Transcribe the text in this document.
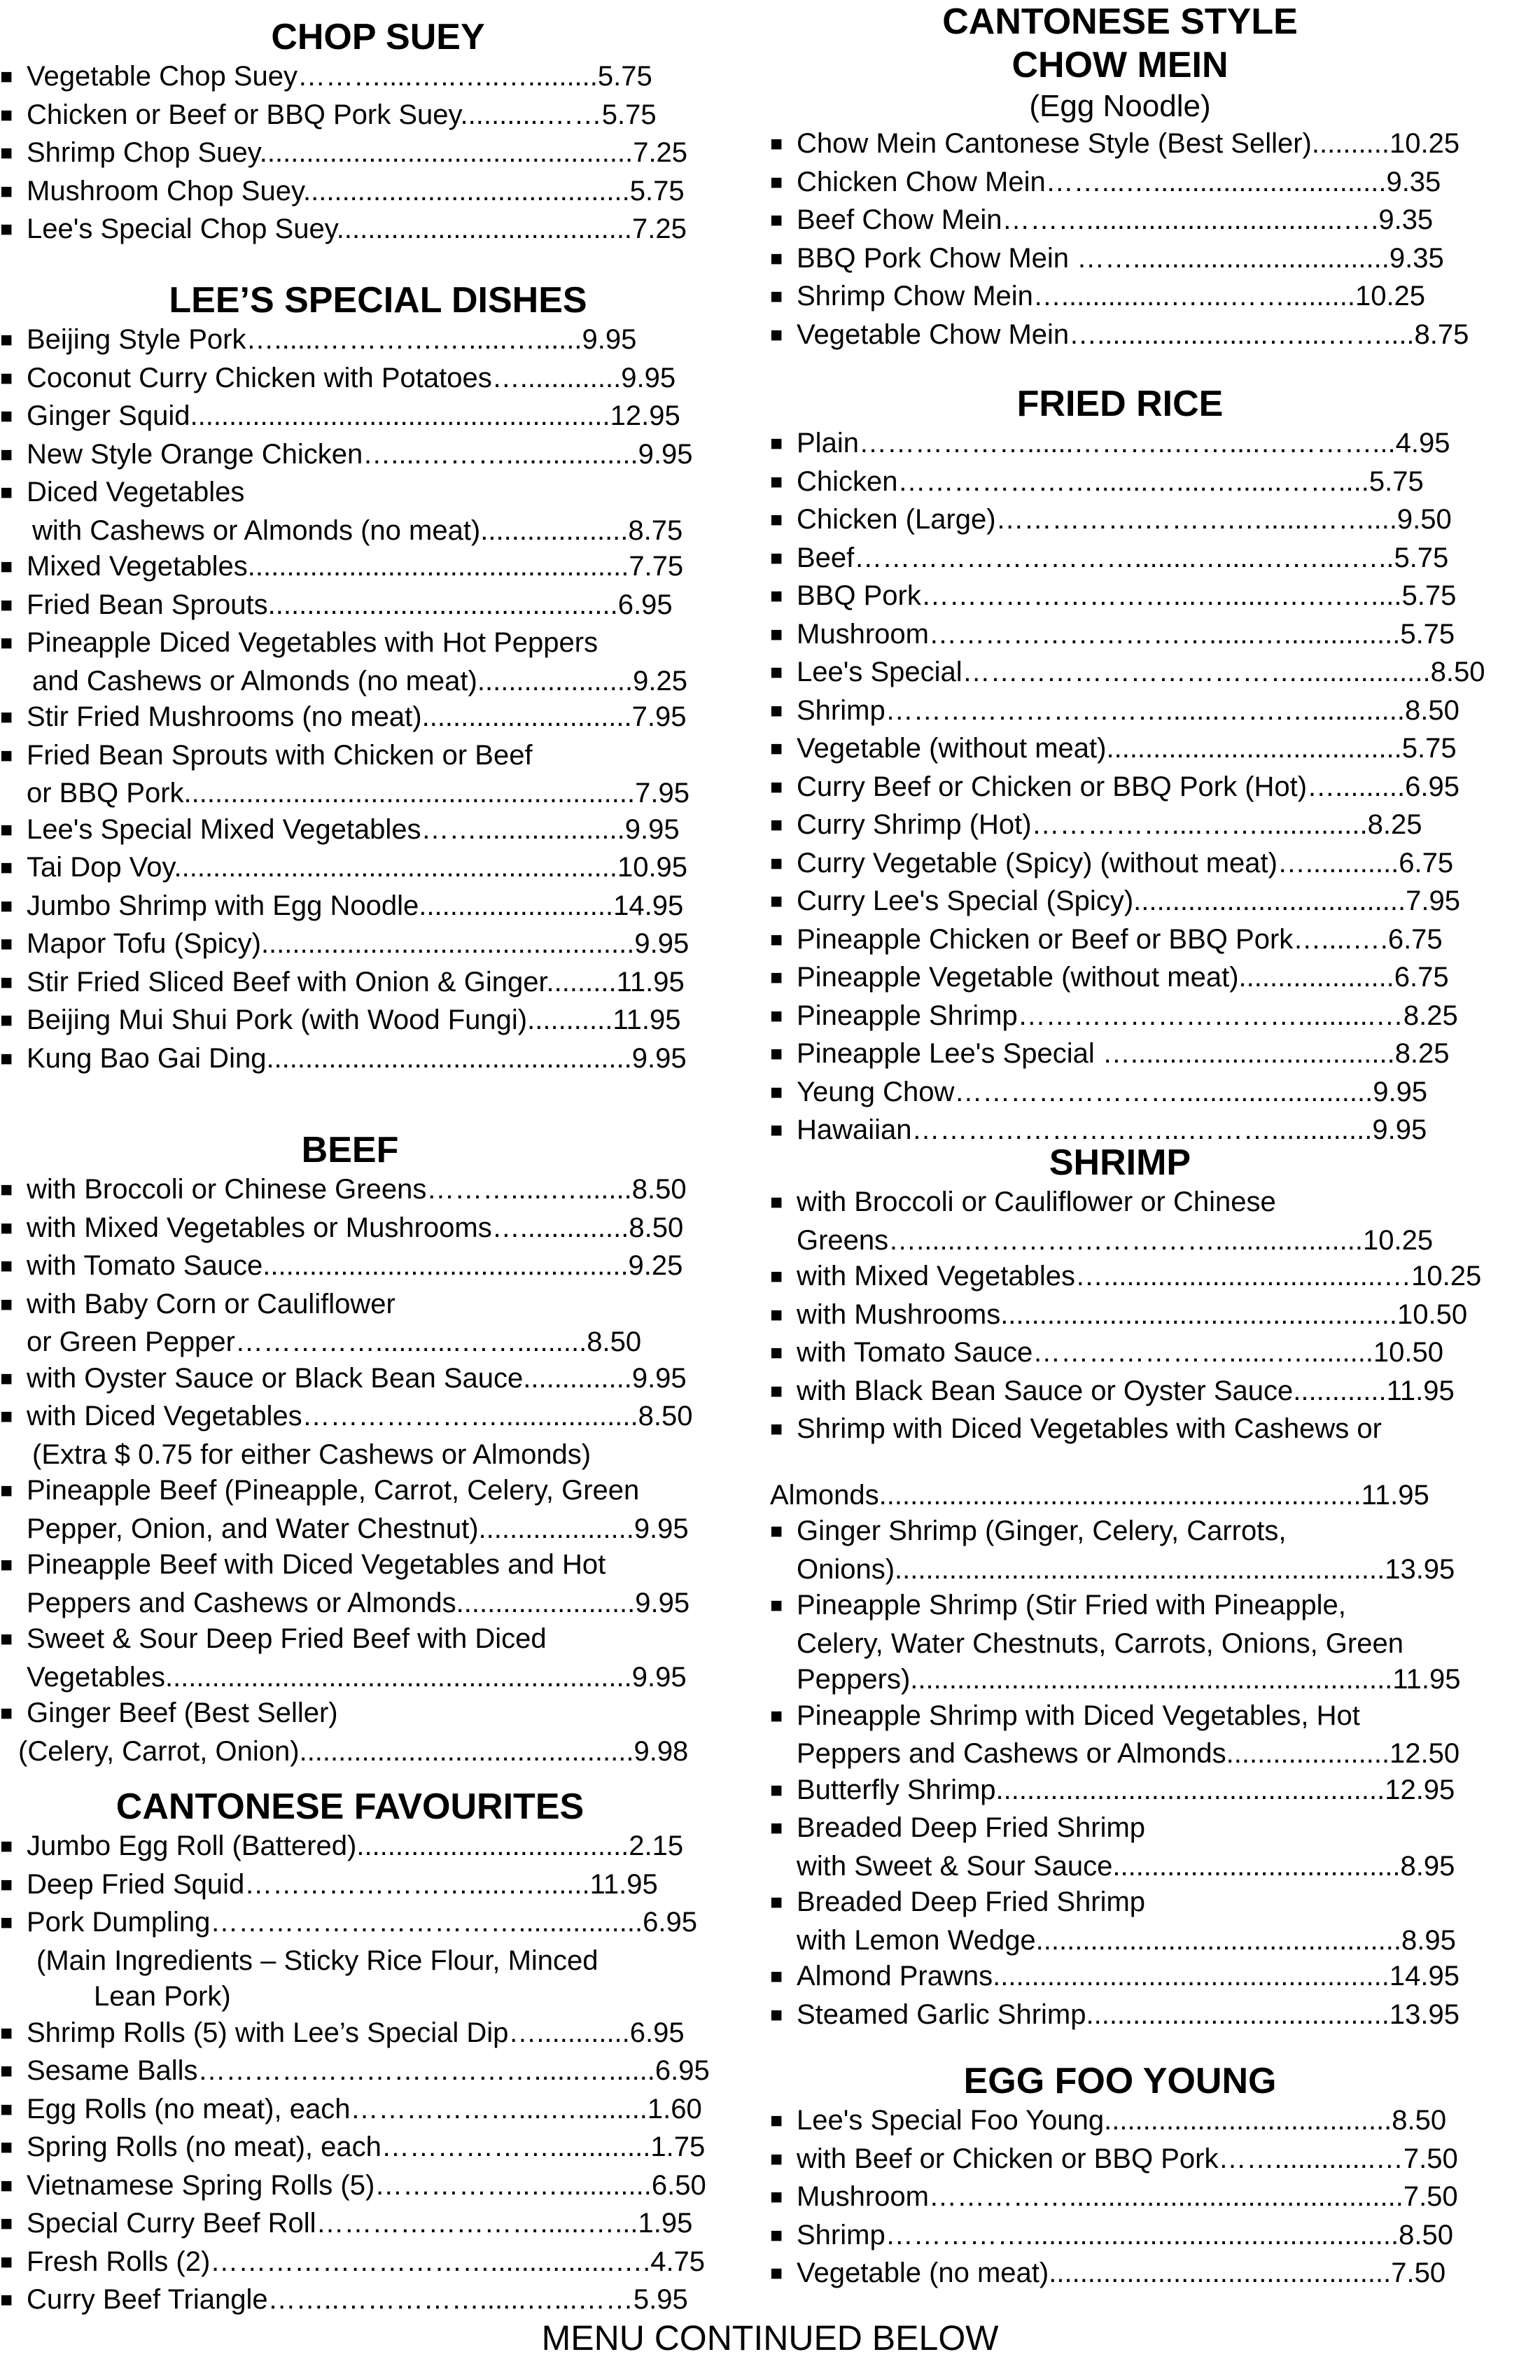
CHOP SUEY
■Vegetable Chop Suey………....…..…..….........5.75
■Chicken or Beef or BBQ Pork Suey...........……5.75
■Shrimp Chop Suey................................................7.25
■Mushroom Chop Suey..........................................5.75
■Lee's Special Chop Suey......................................7.25
LEE’S SPECIAL DISHES
■Beijing Style Pork…......………….….....…......9.95
■Coconut Curry Chicken with Potatoes….............9.95
■Ginger Squid......................................................12.95
■New Style Orange Chicken…....……….................9.95
■Diced Vegetables
with Cashews or Almonds (no meat)...................8.75
■Mixed Vegetables.................................................7.75
■Fried Bean Sprouts.............................................6.95
■Pineapple Diced Vegetables with Hot Peppers
and Cashews or Almonds (no meat)....................9.25
■Stir Fried Mushrooms (no meat)...........................7.95
■Fried Bean Sprouts with Chicken or Beef
or BBQ Pork..........................................................7.95
■Lee's Special Mixed Vegetables……...................9.95
■Tai Dop Voy.........................................................10.95
■Jumbo Shrimp with Egg Noodle.........................14.95
■Mapor Tofu (Spicy)................................................9.95
■Stir Fried Sliced Beef with Onion & Ginger.........11.95
■Beijing Mui Shui Pork (with Wood Fungi)...........11.95
■Kung Bao Gai Ding...............................................9.95
BEEF
■with Broccoli or Chinese Greens……….....….......8.50
■with Mixed Vegetables or Mushrooms…..............8.50
■with Tomato Sauce...............................................9.25
■with Baby Corn or Cauliflower
or Green Pepper……………...........…….........8.50
■with Oyster Sauce or Black Bean Sauce..............9.95
■with Diced Vegetables…………………..................8.50
(Extra $ 0.75 for either Cashews or Almonds)
■Pineapple Beef (Pineapple, Carrot, Celery, Green
Pepper, Onion, and Water Chestnut)....................9.95
■Pineapple Beef with Diced Vegetables and Hot
Peppers and Cashews or Almonds.......................9.95
■Sweet & Sour Deep Fried Beef with Diced
Vegetables............................................................9.95
■Ginger Beef (Best Seller)
(Celery, Carrot, Onion)...........................................9.98
CANTONESE FAVOURITES
■Jumbo Egg Roll (Battered)...................................2.15
■Deep Fried Squid…………………….....….......11.95
■Pork Dumpling……………………………................6.95
(Main Ingredients – Sticky Rice Flour, Minced
Lean Pork)
■Shrimp Rolls (5) with Lee’s Special Dip…............6.95
■Sesame Balls………………………………......…......6.95
■Egg Rolls (no meat), each………………....….........1.60
■Spring Rolls (no meat), each……………….............1.75
■Vietnamese Spring Rolls (5)……………..…............6.50
■Special Curry Beef Roll……………………......…...1.95
■Fresh Rolls (2)…………………………................….4.75
■Curry Beef Triangle……..……………......…...……5.95
CANTONESE STYLE
CHOW MEIN
(Egg Noodle)
■Chow Mein Cantonese Style (Best Seller)..........10.25
■Chicken Chow Mein……...…..............................9.35
■Beef Chow Mein……….................................….9.35
■BBQ Pork Chow Mein …….................................9.35
■Shrimp Chow Mein…..............…....…….........10.25
■Vegetable Chow Mein…......................…....……....8.75
FRIED RICE
■Plain………………......………..……....…………...4.95
■Chicken………………….......…....…......……....5.75
■Chicken (Large)…………….……….…......……....9.50
■Beef…………………………........…....….…....…..5.75
■BBQ Pork………………………...…......….….…....5.75
■Mushroom…………………………......…...............5.75
■Lee's Special……………………………….................8.50
■Shrimp………………………….......…….…............8.50
■Vegetable (without meat)......................................5.75
■Curry Beef or Chicken or BBQ Pork (Hot)….........6.95
■Curry Shrimp (Hot)……………....……..............8.25
■Curry Vegetable (Spicy) (without meat)…............6.75
■Curry Lee's Special (Spicy)...................................7.95
■Pineapple Chicken or Beef or BBQ Pork…....….6.75
■Pineapple Vegetable (without meat)....................6.75
■Pineapple Shrimp…………………………..........…8.25
■Pineapple Lee's Special …..................................8.25
■Yeung Chow…………………….........................9.95
■Hawaiian………………………...……….............9.95
SHRIMP
■with Broccoli or Cauliflower or Chinese
Greens…......………………………...................10.25
■with Mixed Vegetables…....................................…10.25
■with Mushrooms...................................................10.50
■with Tomato Sauce…………………......….........10.50
■with Black Bean Sauce or Oyster Sauce............11.95
■Shrimp with Diced Vegetables with Cashews or
Almonds..............................................................11.95
■Ginger Shrimp (Ginger, Celery, Carrots,
Onions)...............................................................13.95
■Pineapple Shrimp (Stir Fried with Pineapple,
Celery, Water Chestnuts, Carrots, Onions, Green
Peppers)..............................................................11.95
■Pineapple Shrimp with Diced Vegetables, Hot
Peppers and Cashews or Almonds.....................12.50
■Butterfly Shrimp..................................................12.95
■Breaded Deep Fried Shrimp
with Sweet & Sour Sauce.....................................8.95
■Breaded Deep Fried Shrimp
with Lemon Wedge...............................................8.95
■Almond Prawns...................................................14.95
■Steamed Garlic Shrimp.......................................13.95
EGG FOO YOUNG
■Lee's Special Foo Young.....................................8.50
■with Beef or Chicken or BBQ Pork…….............…7.50
■Mushroom……………...........................................7.50
■Shrimp……………................................................8.50
■Vegetable (no meat)............................................7.50
MENU CONTINUED BELOW
